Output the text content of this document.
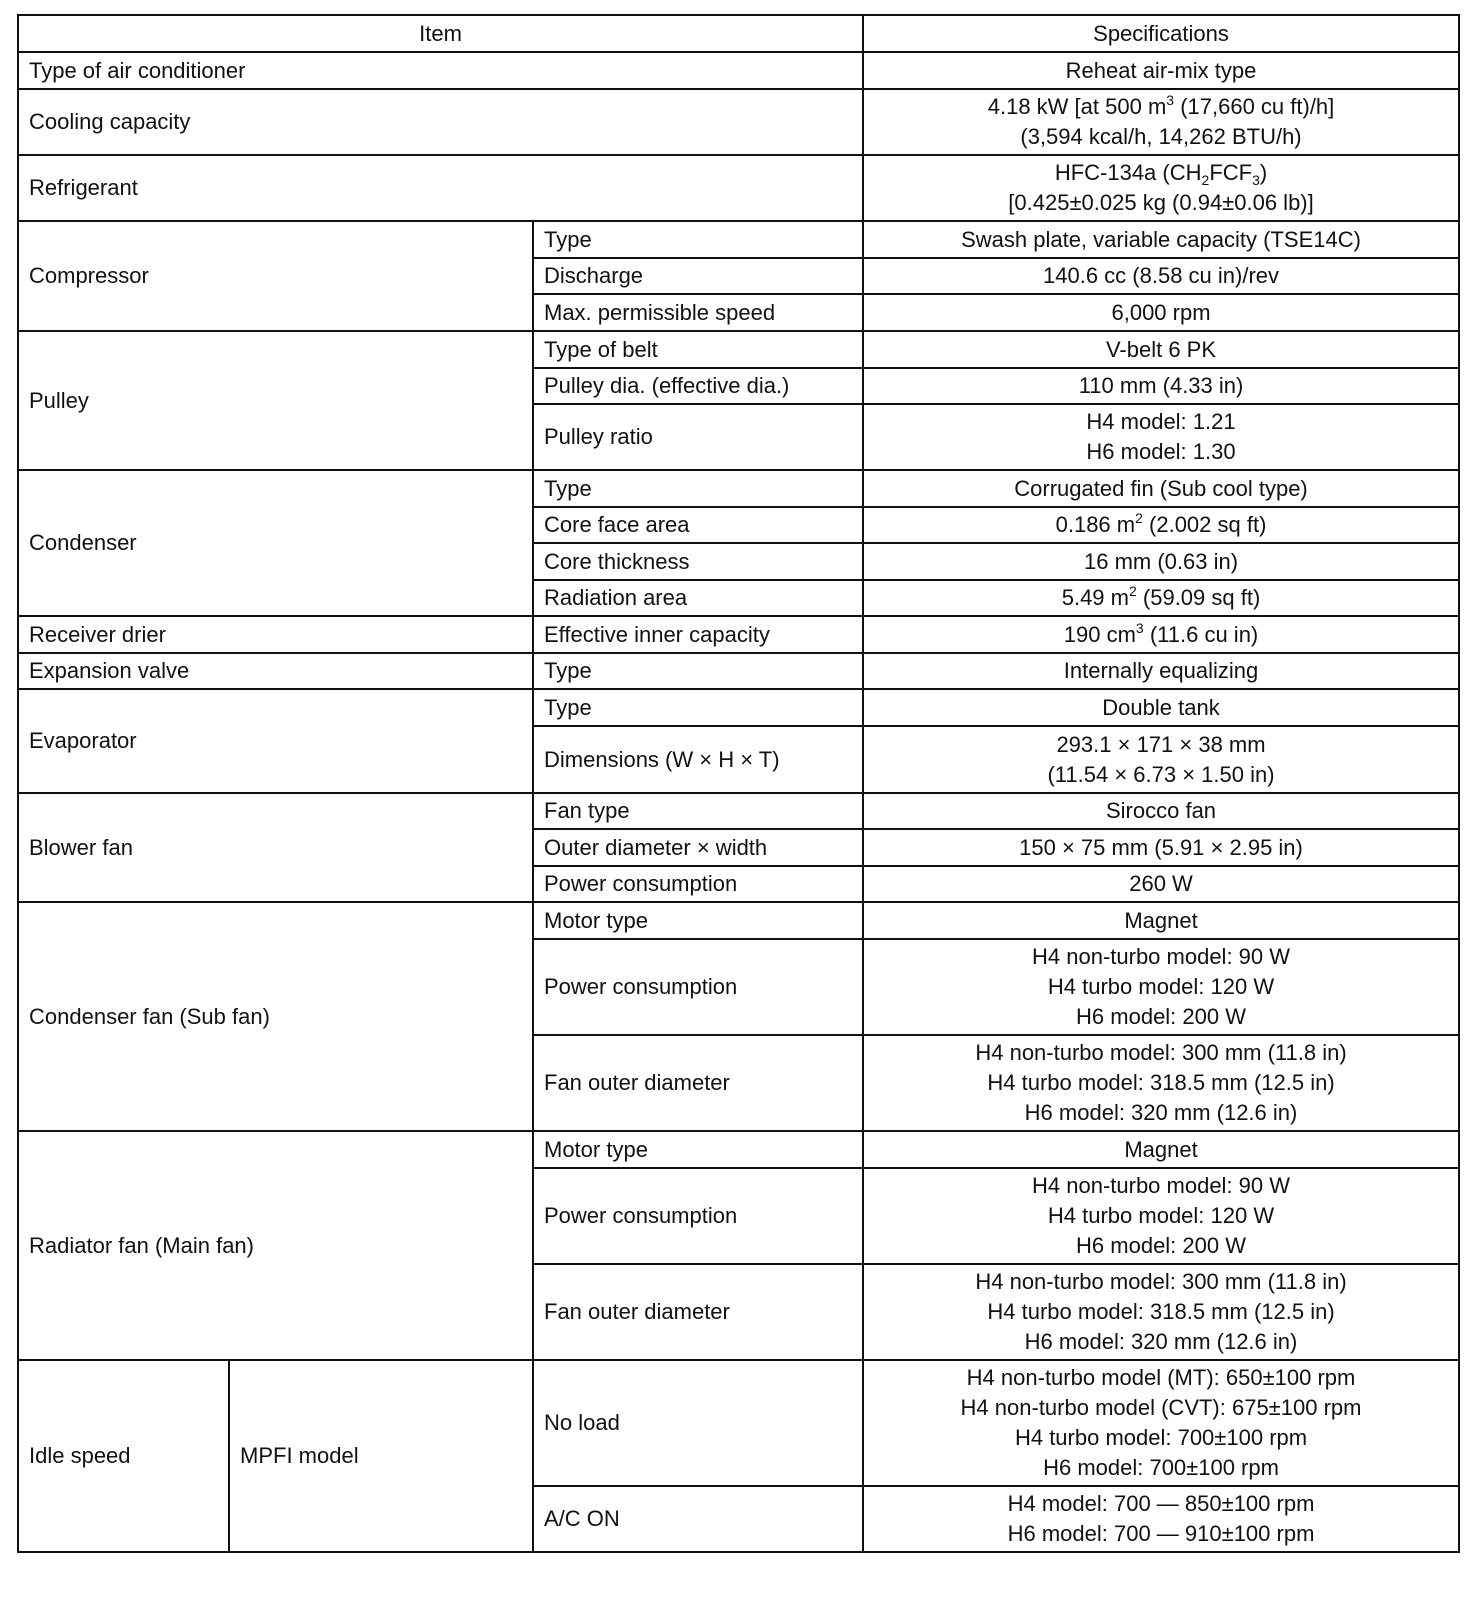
Item			Specifications
Type of air conditioner			Reheat air-mix type
Cooling capacity			4.18 kW [at 500 $m^3$ (17,660 cu ft)/h]
(3,594 kcal/h, 14,262 BTU/h)

Refrigerant			HFC-134a $(CH_2FCF_3)$
[0.425±0.025 kg (0.94±0.06 lb)]

Compressor		Type	Swash plate, variable capacity (TSE14C)
		Discharge	140.6 cc (8.58 cu in)/rev
		Max. permissible speed	6,000 rpm
Pulley		Type of belt	V-belt 6 PK
		Pulley dia. (effective dia.)	110 mm (4.33 in)
		Pulley ratio	H4 model: 1.21
H6 model: 1.30

Condenser		Type	Corrugated fin (Sub cool type)
		Core face area	0.186 $m^2$ (2.002 sq ft)
		Core thickness	16 mm (0.63 in)
		Radiation area	5.49 $m^2$ (59.09 sq ft)
Receiver drier		Effective inner capacity	190 $cm^3$ (11.6 cu in)
Expansion valve		Type	Internally equalizing
Evaporator		Type	Double tank
		Dimensions (W × H × T)	293.1 × 171 × 38 mm
(11.54 × 6.73 × 1.50 in)

Blower fan		Fan type	Sirocco fan
		Outer diameter × width	150 × 75 mm (5.91 × 2.95 in)
		Power consumption	260 W
Condenser fan (Sub fan)		Motor type	Magnet
		Power consumption	H4 non-turbo model: 90 W
H4 turbo model: 120 W
H6 model: 200 W

		Fan outer diameter	H4 non-turbo model: 300 mm (11.8 in)
H4 turbo model: 318.5 mm (12.5 in)
H6 model: 320 mm (12.6 in)

Radiator fan (Main fan)		Motor type	Magnet
		Power consumption	H4 non-turbo model: 90 W
H4 turbo model: 120 W
H6 model: 200 W

		Fan outer diameter	H4 non-turbo model: 300 mm (11.8 in)
H4 turbo model: 318.5 mm (12.5 in)
H6 model: 320 mm (12.6 in)

Idle speed	MPFI model	No load	H4 non-turbo model (MT): 650±100 rpm
H4 non-turbo model (CVT): 675±100 rpm
H4 turbo model: 700±100 rpm
H6 model: 700±100 rpm

		A/C ON	H4 model: 700 — 850±100 rpm
H6 model: 700 — 910±100 rpm
